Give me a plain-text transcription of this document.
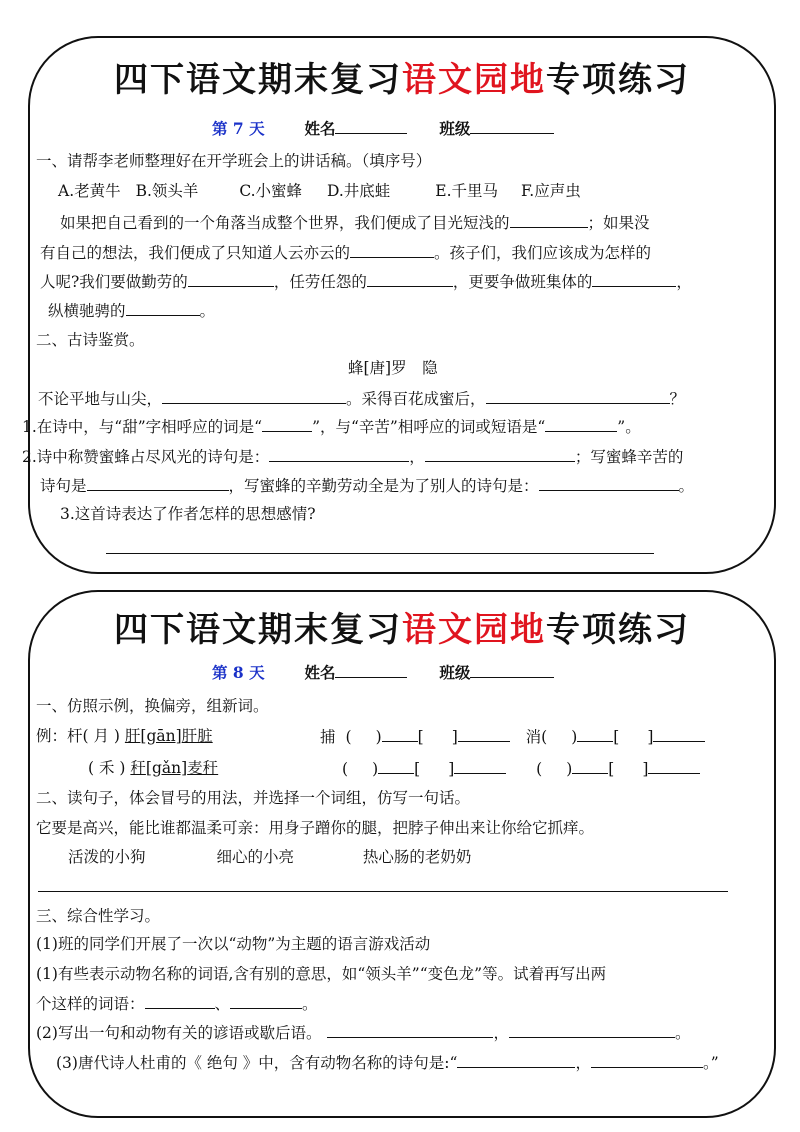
四下语文期末复习语文园地专项练习
第 7 天	姓名	班级
一、请帮李老师整理好在开学班会上的讲话稿。（填序号）
A.老黄牛 B.领头羊	C.小蜜蜂 D.井底蛙	E.千里马 F.应声虫
如果把自己看到的一个角落当成整个世界，我们便成了目光短浅的	；如果没
有自己的想法，我们便成了只知道人云亦云的	。孩子们，我们应该成为怎样的
人呢?我们要做勤劳的	，任劳任怨的	，更要争做班集体的	，
纵横驰骋的	。
二、古诗鉴赏。
蜂[唐]罗　隐
不论平地与山尖，	。采得百花成蜜后，	？
1.在诗中，与“甜”字相呼应的词是“	”，与“辛苦”相呼应的词或短语是“	”。
2.诗中称赞蜜蜂占尽风光的诗句是：	，	；写蜜蜂辛苦的
诗句是	，写蜜蜂的辛勤劳动全是为了别人的诗句是：	。
3.这首诗表达了作者怎样的思想感情?
四下语文期末复习语文园地专项练习
第 8 天	姓名	班级
一、仿照示例，换偏旁，组新词。
例：杆( 月 ) 肝[gān]肝脏	捕 ( ) [ ]	消( ) [ ]
( 禾 ) 秆[gǎn]麦秆	( ) [ ]	( ) [ ]
二、读句子，体会冒号的用法，并选择一个词组，仿写一句话。
它要是高兴，能比谁都温柔可亲：用身子蹭你的腿，把脖子伸出来让你给它抓痒。
活泼的小狗	细心的小亮	热心肠的老奶奶
三、综合性学习。
(1)班的同学们开展了一次以“动物”为主题的语言游戏活动
(1)有些表示动物名称的词语,含有别的意思，如“领头羊”“变色龙”等。试着再写出两
个这样的词语：	、	。
(2)写出一句和动物有关的谚语或歇后语。	，	。
(3)唐代诗人杜甫的《 绝句 》中，含有动物名称的诗句是:“	，	。”
